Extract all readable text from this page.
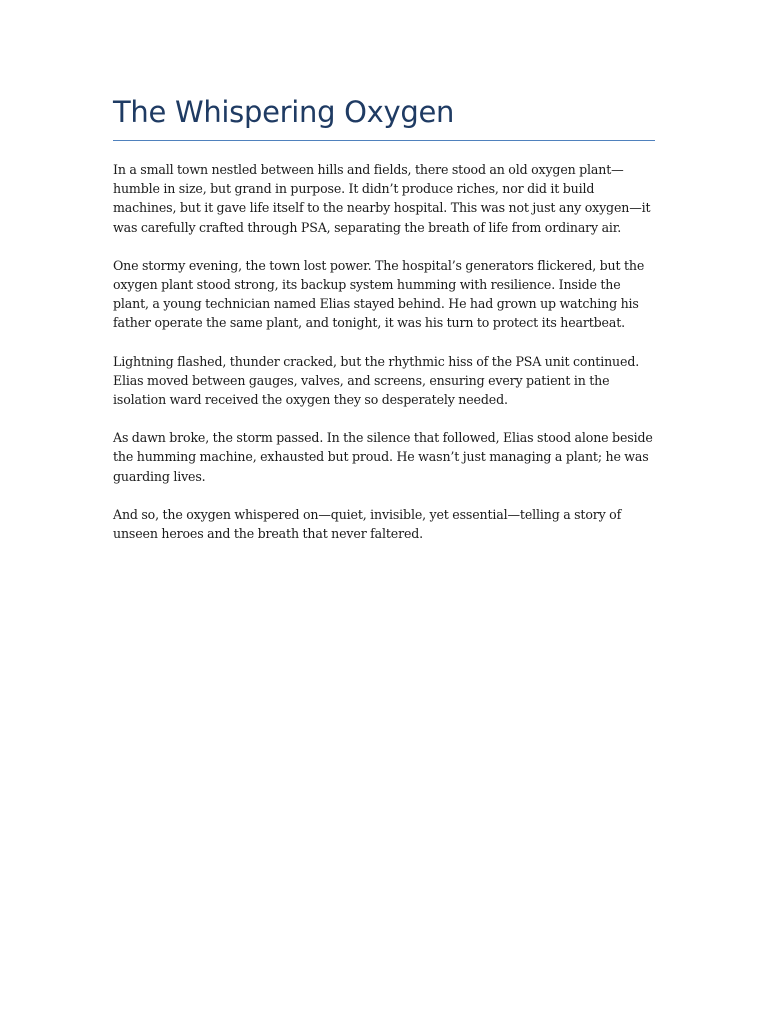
The Whispering Oxygen

In a small town nestled between hills and fields, there stood an old oxygen plant—humble in size, but grand in purpose. It didn’t produce riches, nor did it build machines, but it gave life itself to the nearby hospital. This was not just any oxygen—it was carefully crafted through PSA, separating the breath of life from ordinary air.

One stormy evening, the town lost power. The hospital’s generators flickered, but the oxygen plant stood strong, its backup system humming with resilience. Inside the plant, a young technician named Elias stayed behind. He had grown up watching his father operate the same plant, and tonight, it was his turn to protect its heartbeat.

Lightning flashed, thunder cracked, but the rhythmic hiss of the PSA unit continued. Elias moved between gauges, valves, and screens, ensuring every patient in the isolation ward received the oxygen they so desperately needed.

As dawn broke, the storm passed. In the silence that followed, Elias stood alone beside the humming machine, exhausted but proud. He wasn’t just managing a plant; he was guarding lives.

And so, the oxygen whispered on—quiet, invisible, yet essential—telling a story of unseen heroes and the breath that never faltered.
